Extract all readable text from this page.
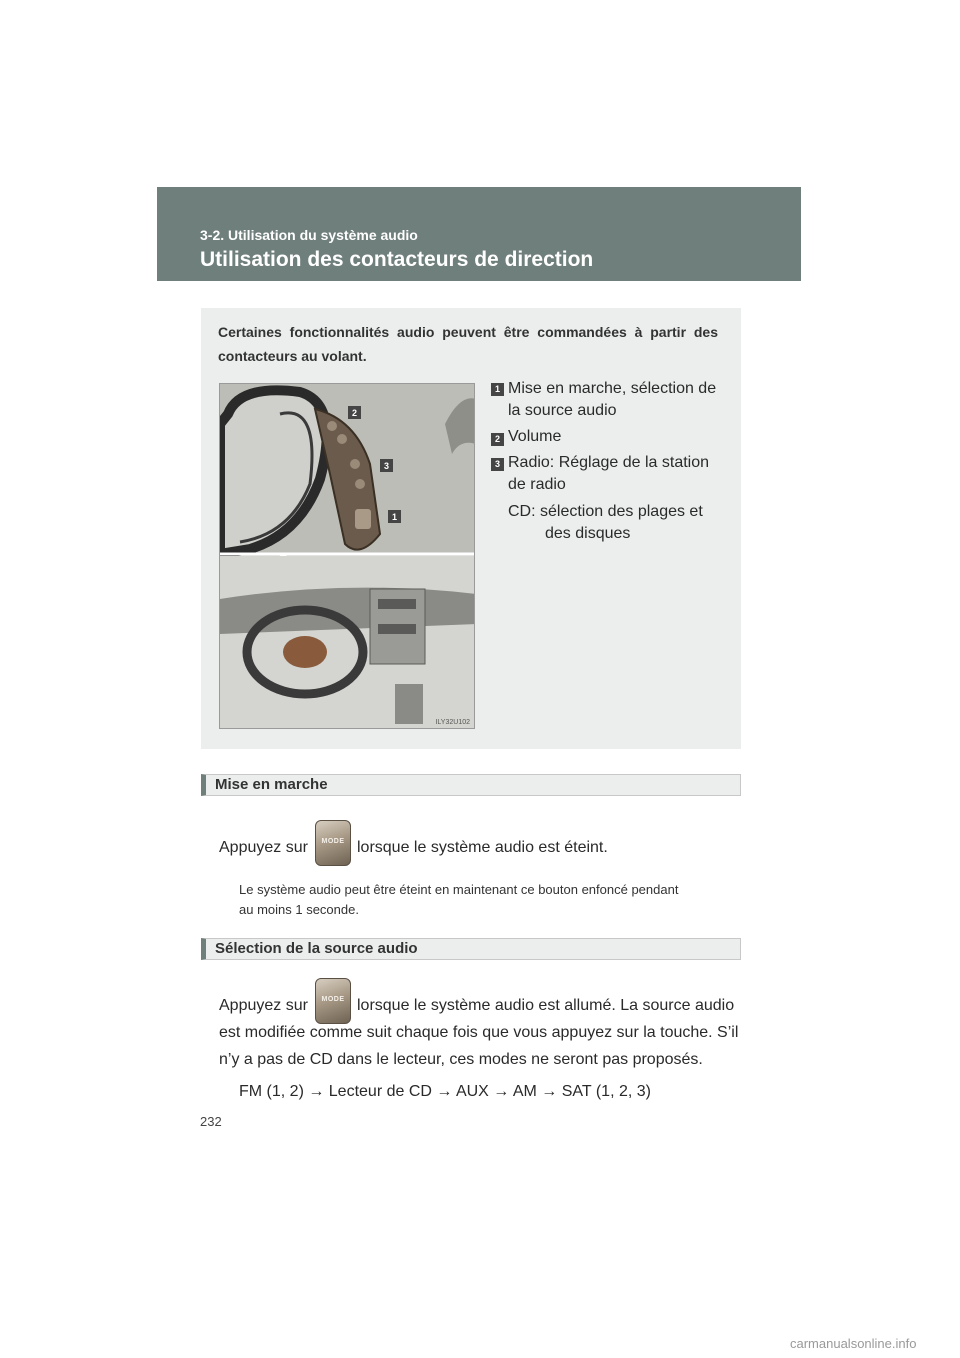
3-2. Utilisation du système audio
Utilisation des contacteurs de direction
Certaines fonctionnalités audio peuvent être commandées à partir des contacteurs au volant.
2
3
1
ILY32U102
1 Mise en marche, sélection de
la source audio
2 Volume
3 Radio: Réglage de la station
de radio
CD: sélection des plages et
des disques
Mise en marche
Appuyez sur	MODE lorsque le système audio est éteint.
Le système audio peut être éteint en maintenant ce bouton enfoncé pendant
au moins 1 seconde.
Sélection de la source audio
Appuyez sur	MODE lorsque le système audio est allumé. La source audio
est modifiée comme suit chaque fois que vous appuyez sur la touche. S’il
n’y a pas de CD dans le lecteur, ces modes ne seront pas proposés.
FM (1, 2) → Lecteur de CD → AUX → AM → SAT (1, 2, 3)
232
carmanualsonline.info
